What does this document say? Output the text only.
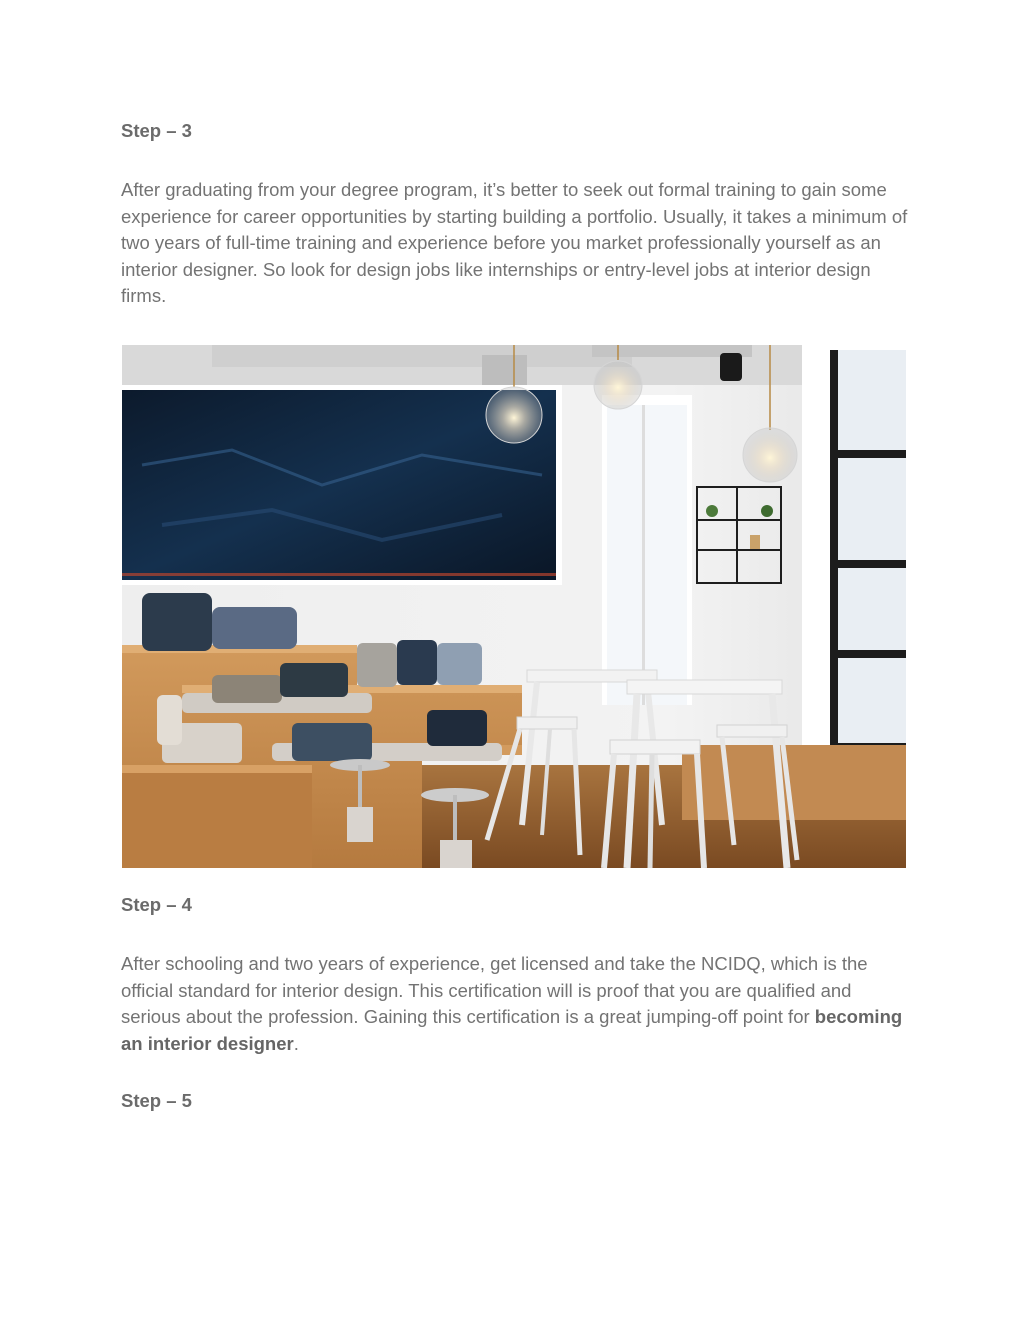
Step – 3

After graduating from your degree program, it’s better to seek out formal training to gain some experience for career opportunities by starting building a portfolio. Usually, it takes a minimum of two years of full-time training and experience before you market professionally yourself as an interior designer. So look for design jobs like internships or entry-level jobs at interior design firms.

Step – 4

After schooling and two years of experience, get licensed and take the NCIDQ, which is the official standard for interior design. This certification will is proof that you are qualified and serious about the profession. Gaining this certification is a great jumping-off point for becoming an interior designer.

Step – 5
